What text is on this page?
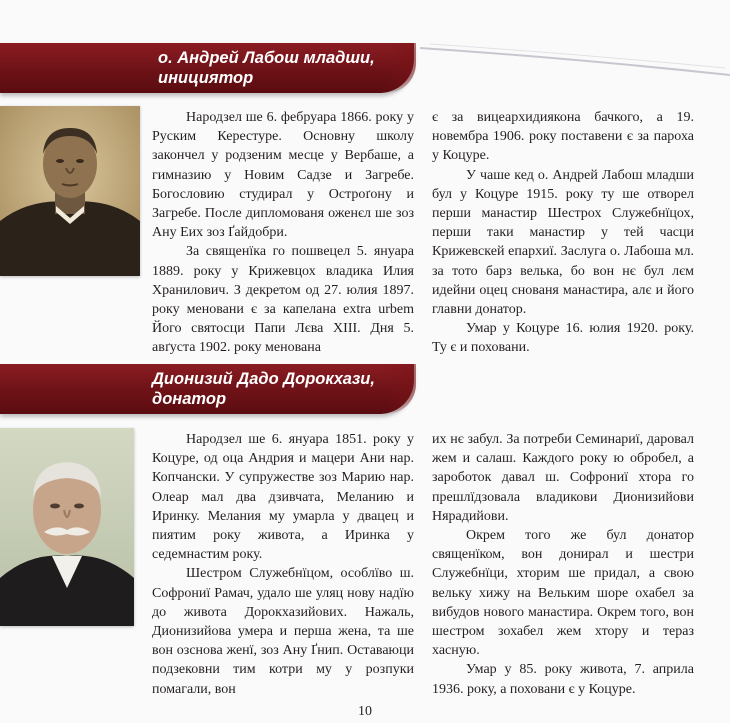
о. Андрей Лабош младши,
инициятор

Народзел ше 6. фебруара 1866. року у Руским Керестуре. Основну школу закончел у родзеним месце у Вербаше, а гимназию у Новим Садзе и Загребе. Богословию студирал у Остроґону и Загребе. После дипломованя оженєл ше зоз Ану Еих зоз Ґайдобри.

За священїка го пошвецел 5. януара 1889. року у Крижевцох владика Илия Хранилович. З декретом од 27. юлия 1897. року меновани є за капелана extra urbem Його святосци Папи Лєва XIII. Дня 5. авґуста 1902. року менована

є за вицеархидиякона бачкого, а 19. новембра 1906. року поставени є за пароха у Коцуре.

У чаше кед о. Андрей Лабош младши бул у Коцуре 1915. року ту ше отворел перши манастир Шестрох Служебнїцох, перши таки манастир у тей часци Крижевскей епархиї. Заслуга о. Лабоша мл. за тото барз велька, бо вон нє бул лєм идейни оцец снованя манастира, алє и його главни донатор.

Умар у Коцуре 16. юлия 1920. року. Ту є и поховани.

Дионизий Дадо Дорокхази,
донатор

Народзел ше 6. януара 1851. року у Коцуре, од оца Андрия и мацери Ани нар. Копчански. У супружестве зоз Марию нар. Олеар мал два дзивчата, Меланию и Иринку. Мелания му умарла у двацец и пиятим року живота, а Иринка у седемнастим року.

Шестром Служебнїцом, особлїво ш. Софрониї Рамач, удало ше уляц нову надїю до живота Дорокхазийових. Нажаль, Дионизийова умера и перша жена, та ше вон озснова женї, зоз Ану Ґнип. Оставаюци подзековни тим котри му у розпуки помагали, вон

их нє забул. За потреби Семинариї, даровал жем и салаш. Каждого року ю обробел, а зароботок давал ш. Софрониї хтора го прешлїдзовала владикови Дионизийови Нярадийови.

Окрем того же бул донатор священїком, вон донирал и шестри Служебнїци, хторим ше придал, а свою вельку хижу на Вельким шоре охабел за вибудов нового манастира. Окрем того, вон шестром зохабел жем хтору и тераз хасную.

Умар у 85. року живота, 7. априла 1936. року, а поховани є у Коцуре.

10
